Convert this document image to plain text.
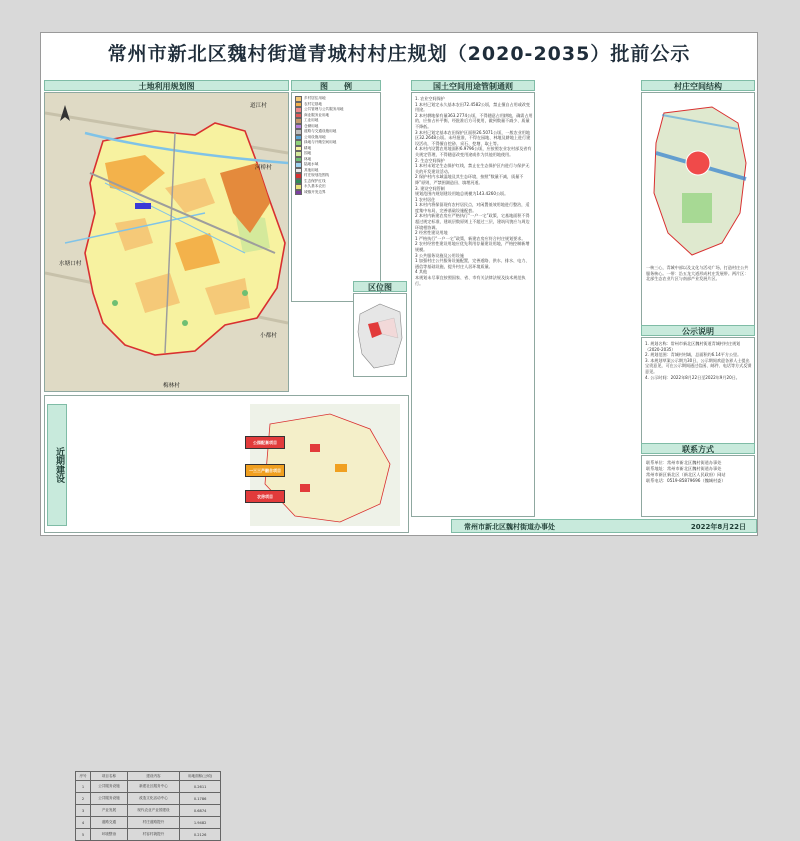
常州市新北区魏村街道青城村村庄规划（2020-2035）批前公示
土地利用规划图	图　　例
道江村
河桥村
水塘口村
小都村
梅林村
乡村居住用地
农村宅基地
公共管理与公共服务用地
商业服务业用地
工业用地
仓储用地
道路与交通设施用地
公用设施用地
绿地与开敞空间用地
耕地
园地
林地
陆地水域
其他用地
村庄规划范围线
生态保护红线
永久基本农田
城镇开发边界
区位图
国土空间用途管制通则
1. 农业空间保护
1 本村已划定永久基本农田72.4582公顷，禁止擅自占用或改变用途。
2 本村耕地保有量363.2774公顷，不得随意占用耕地，确需占用的，应按占补平衡，经批准后方可使用，做到数量不减少、质量不降低。
3 本村已划定基本农田保护区面积26.5071公顷，一般农业用地区32.2648公顷。未经批准，不得在园地、林地及耕地上进行建设活动，不得擅自挖砂、采石、挖塘、取土等。
4 本村内设置农用地面积6.9796公顷，应按照农业农村部及省有关规定管理，不得随意改变用途或作为其他用地使用。
2. 生态空间保护
1 本村未划定生态保护红线，禁止在生态保护区内进行与保护无关的开发建设活动。
2 保护村内水域湿地及其生态环境，按照“数量不减，质量不降”原则，严禁围湖造田、填埋河道。
3. 建设空间管制
规划范围内规划建设用地总规模为143.4260公顷。
1 农村居住
1 本村内将保留现有农村居民点，对闲置低效用地进行整治，适度集中布局，完善基础设施配套。
2 本村内新建农房应严格执行“一户一宅”政策，宅基地面积不得超过规定标准，建筑层数原则上不超过三层，建筑风貌应与周边环境相协调。
2 经营性建设用地
1 严格执行“一户一宅”政策，新建农房应符合村庄规划要求。
2 农村经营性建设用地应优先利用存量建设用地，严格控制新增规模。
3 公共服务设施及公用设施
1 加强村庄公共服务设施配置，完善道路、供水、排水、电力、通信等基础设施，提升村庄人居环境质量。
4 其他
本规划未尽事宜按照国家、省、市有关法律法规及技术规范执行。
村庄空间结构
一核三心，青城中部以及文化与活动广场，打造村庄公共服务核心。一带：沿五龙大道形成村庄发展带。两片区：北部生态农业片区与南部产业发展片区。
公示说明
1. 规划名称：常州市新北区魏村街道青城村村庄规划（2020-2035）
2. 规划范围：青城村村域，总面积约6.14平方公里。
3. 本规划草案公示期为30日，公示期间欢迎各界人士提出宝贵意见，可在公示期间通过信函、邮件、电话等方式反馈意见。
4. 公示时间：2022年8月22日至2022年9月20日。
联系方式
联系单位：常州市新北区魏村街道办事处
联系地址：常州市新北区魏村街道办事处
常州市新区新北区（新北区人民政府）网站
联系电话：0519-85879696（魏城村委）
近期建设
序号	项目名称	建设内容	用地面积(公顷)
1	公共服务设施	新建社区服务中心	0.2611
2	公共服务设施	改造文化活动中心	0.1786
3	产业发展	现代农业产业园建设	0.6874
4	道路交通	村庄道路提升	1.9482
5	环境整治	村容村貌提升	0.2126
公园配套项目
一三三产融合项目
农房项目
常州市新北区魏村街道办事处	2022年8月22日
